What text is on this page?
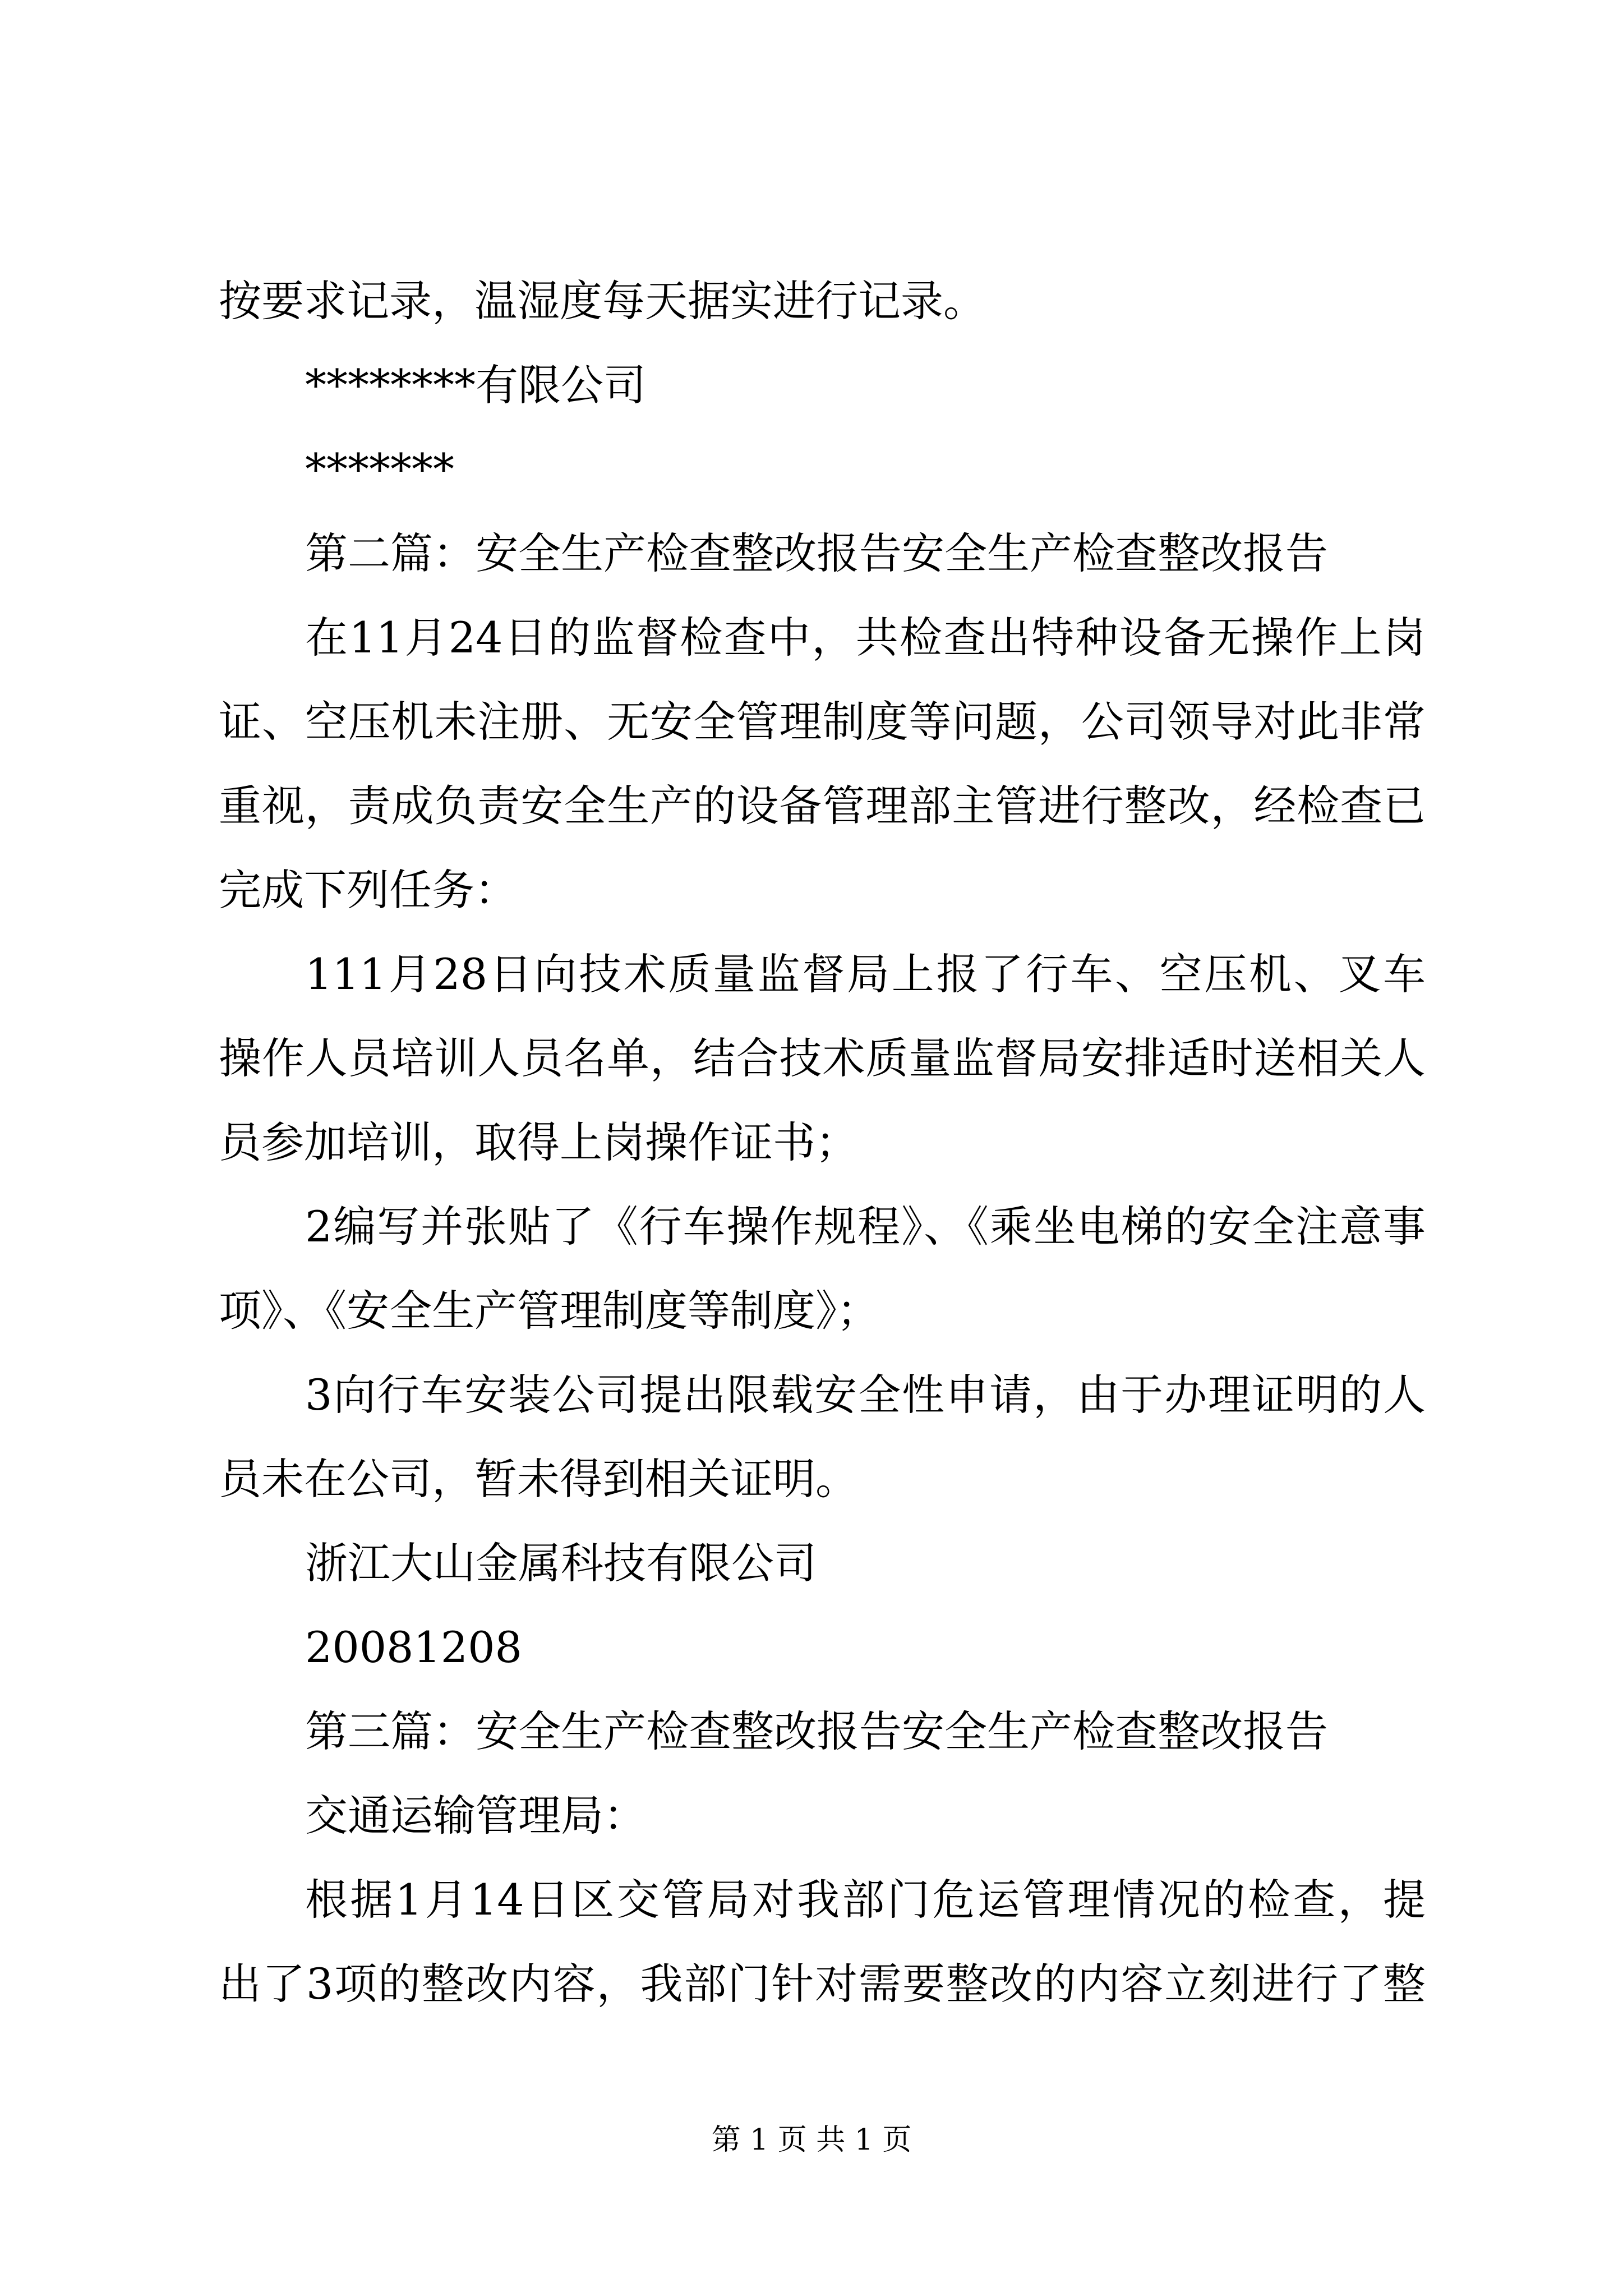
按要求记录，温湿度每天据实进行记录。
********有限公司
*******
第二篇：安全生产检查整改报告安全生产检查整改报告
在11月24日的监督检查中，共检查出特种设备无操作上岗
证、空压机未注册、无安全管理制度等问题，公司领导对此非常
重视，责成负责安全生产的设备管理部主管进行整改，经检查已
完成下列任务：
111月28日向技术质量监督局上报了行车、空压机、叉车
操作人员培训人员名单，结合技术质量监督局安排适时送相关人
员参加培训，取得上岗操作证书；
2编写并张贴了《行车操作规程》、《乘坐电梯的安全注意事
项》、《安全生产管理制度等制度》；
3向行车安装公司提出限载安全性申请，由于办理证明的人
员未在公司，暂未得到相关证明。
浙江大山金属科技有限公司
20081208
第三篇：安全生产检查整改报告安全生产检查整改报告
交通运输管理局：
根据1月14日区交管局对我部门危运管理情况的检查，提
出了3项的整改内容，我部门针对需要整改的内容立刻进行了整
第 1 页 共 1 页
